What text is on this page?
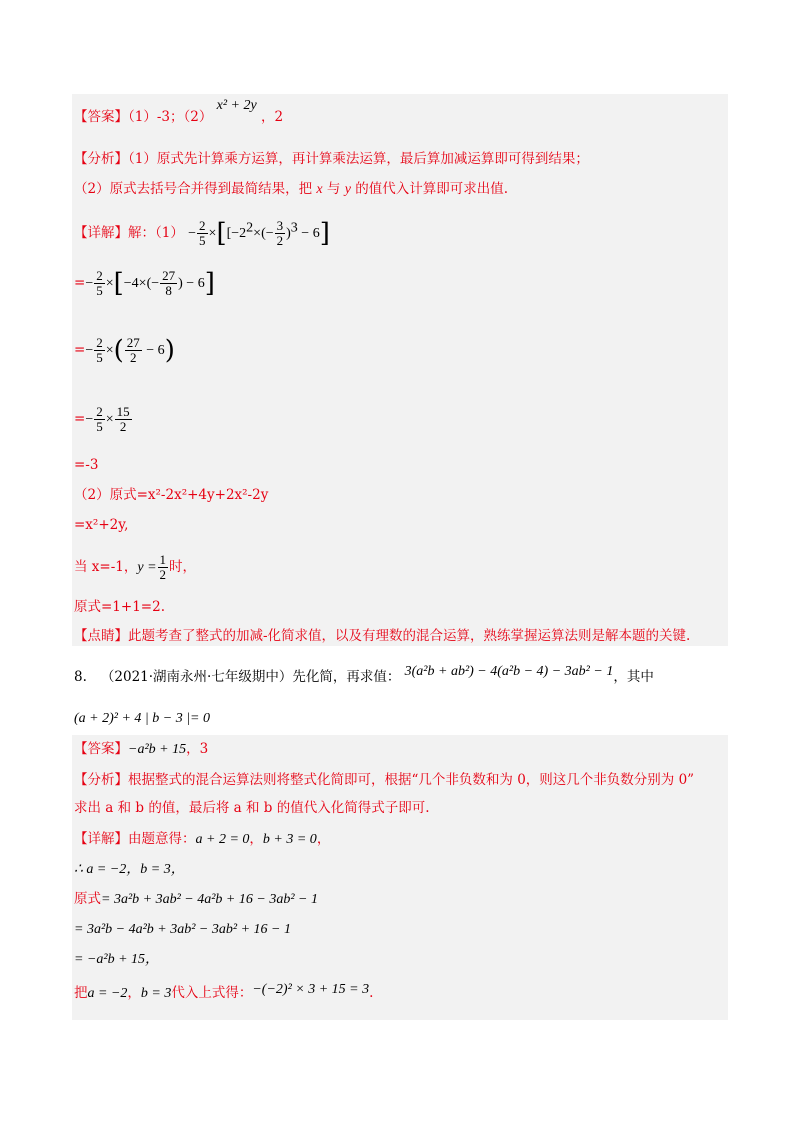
【答案】（1）-3；（2） x² + 2y ，2
【分析】（1）原式先计算乘方运算，再计算乘法运算，最后算加减运算即可得到结果；
（2）原式去括号合并得到最简结果，把 x 与 y 的值代入计算即可求出值.
【详解】解：$(1) - \frac{2}{5} \times[[-2^2\times(- \frac{3}{2} )^3 - 6]$
=− $\frac{2}{5} \times[-4\times(- \frac{27}{8}$ ) − 6]
=− $\frac{2}{5}$ ×( $\frac{27}{2} - 6$)
=− $\frac{2}{5} \times \frac{15}{2}$
=-3
（2）原式=x²-2x²+4y+2x²-2y
=x²+2y,
当 x=-1，$y = \frac{1}{2}$ 时，
原式=1+1=2.
【点睛】此题考查了整式的加减-化简求值，以及有理数的混合运算，熟练掌握运算法则是解本题的关键.
8. （2021·湖南永州·七年级期中）先化简，再求值： 3(a²b + ab²) − 4(a²b − 4) − 3ab² − 1，其中
(a + 2)² + 4 | b − 3 |= 0
【答案】−a²b + 15，3
【分析】根据整式的混合运算法则将整式化简即可，根据“几个非负数和为 0，则这几个非负数分别为 0”
求出 a 和 b 的值，最后将 a 和 b 的值代入化简得式子即可.
【详解】由题意得：a + 2 = 0，b + 3 = 0，
∴ a = −2，b = 3，
原式= 3a²b + 3ab² − 4a²b + 16 − 3ab² − 1
= 3a²b − 4a²b + 3ab² − 3ab² + 16 − 1
= −a²b + 15，
把a = −2，b = 3代入上式得：−(−2)² × 3 + 15 = 3.
